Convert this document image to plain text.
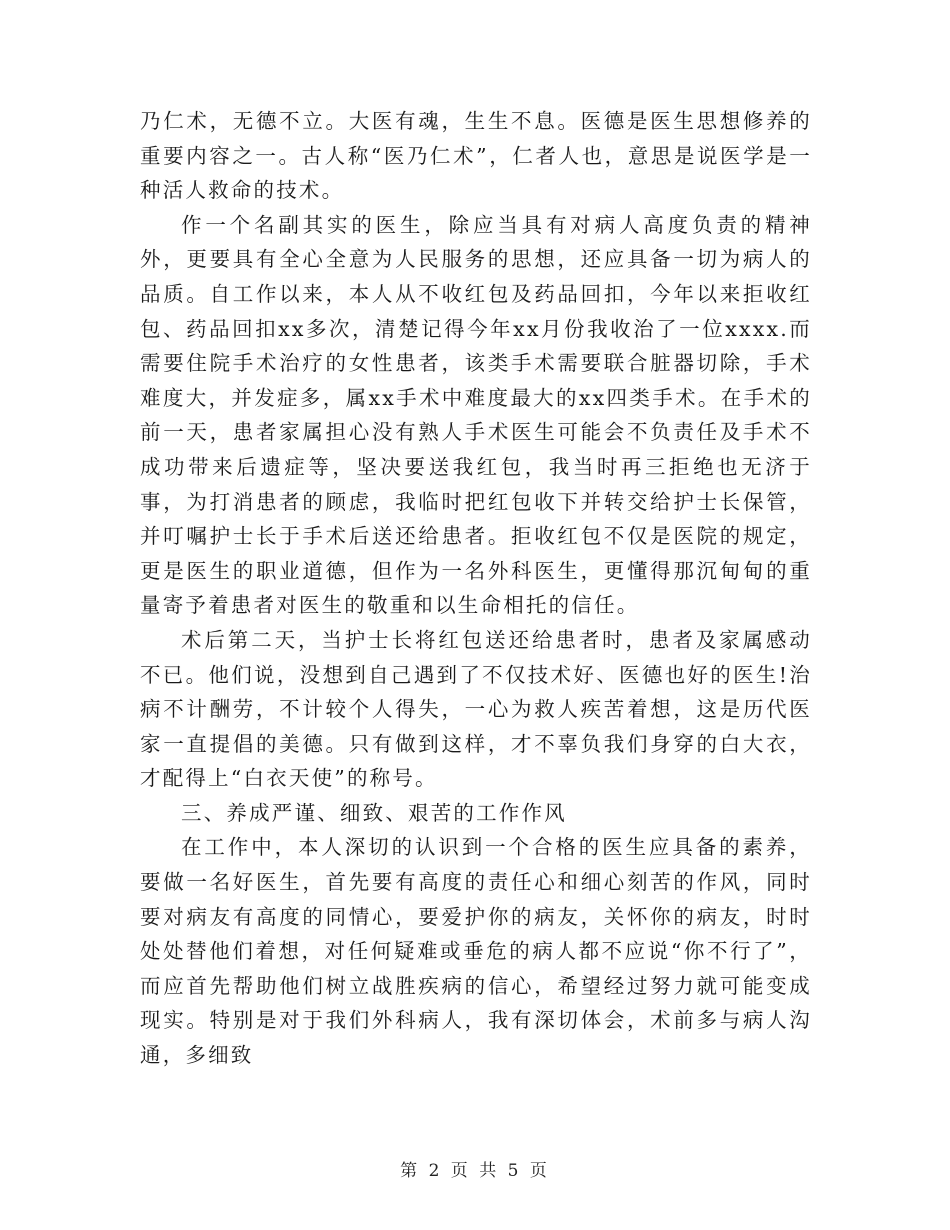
乃仁术，无德不立。大医有魂，生生不息。医德是医生思想修养的重要内容之一。古人称“医乃仁术”，仁者人也，意思是说医学是一种活人救命的技术。

作一个名副其实的医生，除应当具有对病人高度负责的精神外，更要具有全心全意为人民服务的思想，还应具备一切为病人的品质。自工作以来，本人从不收红包及药品回扣，今年以来拒收红包、药品回扣xx多次，清楚记得今年xx月份我收治了一位xxxx.而需要住院手术治疗的女性患者，该类手术需要联合脏器切除，手术难度大，并发症多，属xx手术中难度最大的xx四类手术。在手术的前一天，患者家属担心没有熟人手术医生可能会不负责任及手术不成功带来后遗症等，坚决要送我红包，我当时再三拒绝也无济于事，为打消患者的顾虑，我临时把红包收下并转交给护士长保管，并叮嘱护士长于手术后送还给患者。拒收红包不仅是医院的规定，更是医生的职业道德，但作为一名外科医生，更懂得那沉甸甸的重量寄予着患者对医生的敬重和以生命相托的信任。

术后第二天，当护士长将红包送还给患者时，患者及家属感动不已。他们说，没想到自己遇到了不仅技术好、医德也好的医生!治病不计酬劳，不计较个人得失，一心为救人疾苦着想，这是历代医家一直提倡的美德。只有做到这样，才不辜负我们身穿的白大衣，才配得上“白衣天使”的称号。

三、养成严谨、细致、艰苦的工作作风

在工作中，本人深切的认识到一个合格的医生应具备的素养，要做一名好医生，首先要有高度的责任心和细心刻苦的作风，同时要对病友有高度的同情心，要爱护你的病友，关怀你的病友，时时处处替他们着想，对任何疑难或垂危的病人都不应说“你不行了”，而应首先帮助他们树立战胜疾病的信心，希望经过努力就可能变成现实。特别是对于我们外科病人，我有深切体会，术前多与病人沟通，多细致

第 2 页 共 5 页
